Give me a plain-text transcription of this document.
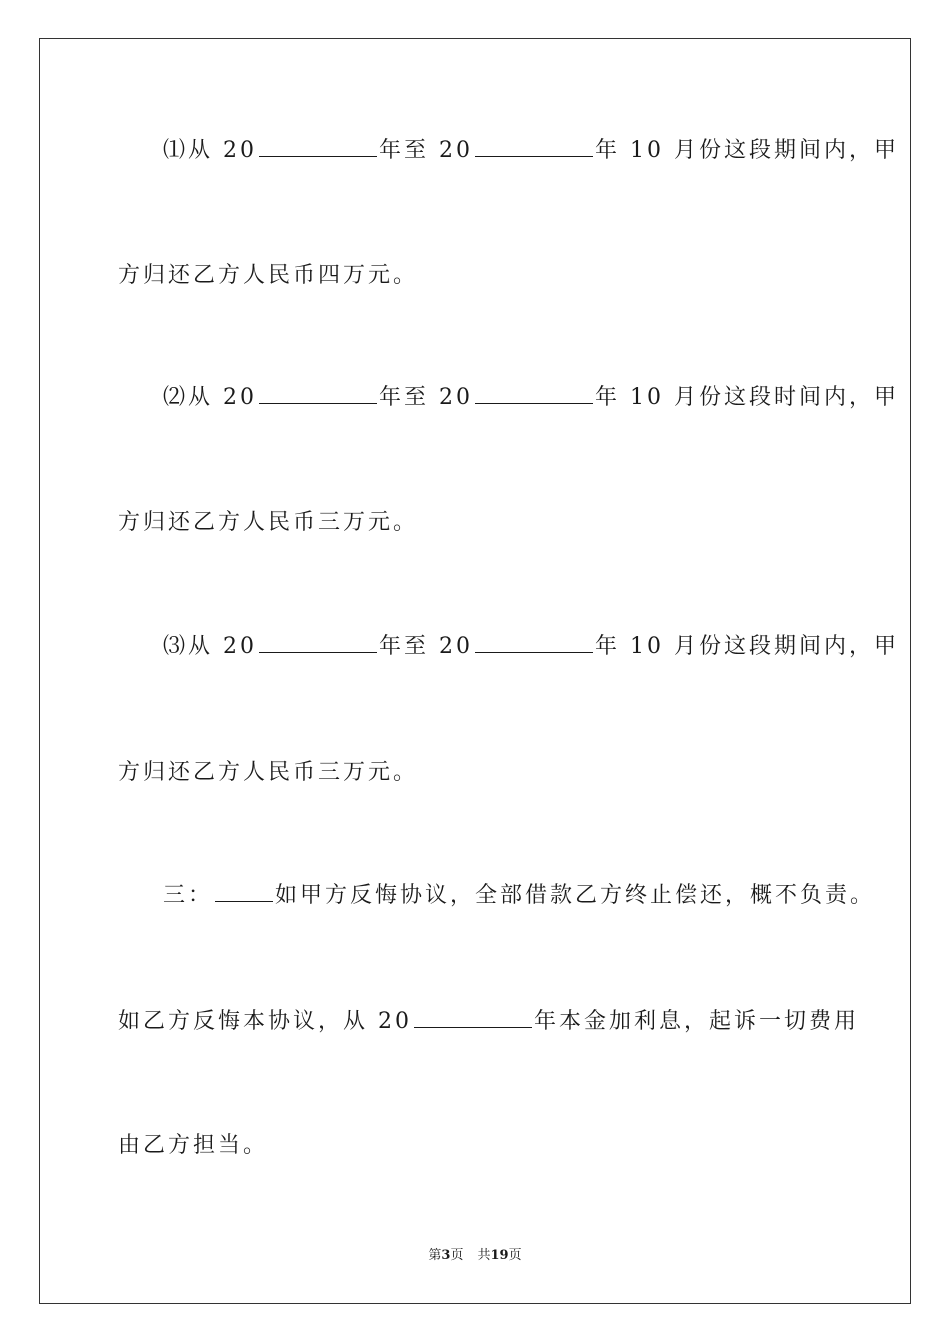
⑴从 20	年至 20	年 10 月份这段期间内，甲
方归还乙方人民币四万元。
⑵从 20	年至 20	年 10 月份这段时间内，甲
方归还乙方人民币三万元。
⑶从 20	年至 20	年 10 月份这段期间内，甲
方归还乙方人民币三万元。
三：	如甲方反悔协议，全部借款乙方终止偿还，概不负责。
如乙方反悔本协议，从 20	年本金加利息，起诉一切费用
由乙方担当。
第3页 共19页
